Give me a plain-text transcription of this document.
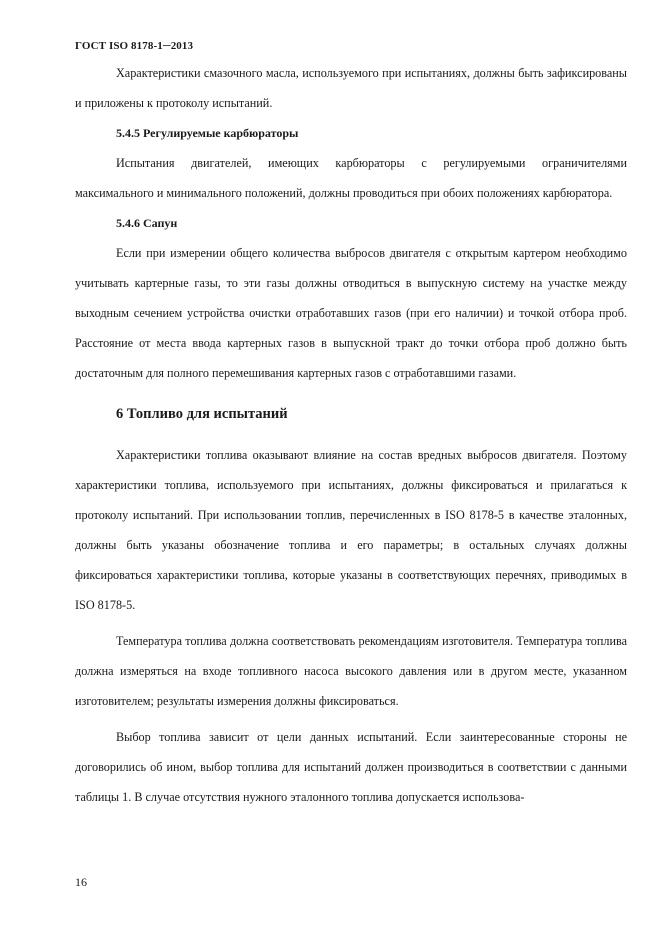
ГОСТ ISO 8178-1─2013

Характеристики смазочного масла, используемого при испытаниях, должны быть зафиксированы и приложены к протоколу испытаний.

5.4.5 Регулируемые карбюраторы

Испытания двигателей, имеющих карбюраторы с регулируемыми ограничителями максимального и минимального положений, должны проводиться при обоих положениях карбюратора.

5.4.6 Сапун

Если при измерении общего количества выбросов двигателя с открытым картером необходимо учитывать картерные газы, то эти газы должны отводиться в выпускную систему на участке между выходным сечением устройства очистки отработавших газов (при его наличии) и точкой отбора проб. Расстояние от места ввода картерных газов в выпускной тракт до точки отбора проб должно быть достаточным для полного перемешивания картерных газов с отработавшими газами.

6 Топливо для испытаний

Характеристики топлива оказывают влияние на состав вредных выбросов двигателя. Поэтому характеристики топлива, используемого при испытаниях, должны фиксироваться и прилагаться к протоколу испытаний. При использовании топлив, перечисленных в ISO 8178-5 в качестве эталонных, должны быть указаны обозначение топлива и его параметры; в остальных случаях должны фиксироваться характеристики топлива, которые указаны в соответствующих перечнях, приводимых в ISO 8178-5.

Температура топлива должна соответствовать рекомендациям изготовителя. Температура топлива должна измеряться на входе топливного насоса высокого давления или в другом месте, указанном изготовителем; результаты измерения должны фиксироваться.

Выбор топлива зависит от цели данных испытаний. Если заинтересованные стороны не договорились об ином, выбор топлива для испытаний должен производиться в соответствии с данными таблицы 1. В случае отсутствия нужного эталонного топлива допускается использова-

16
